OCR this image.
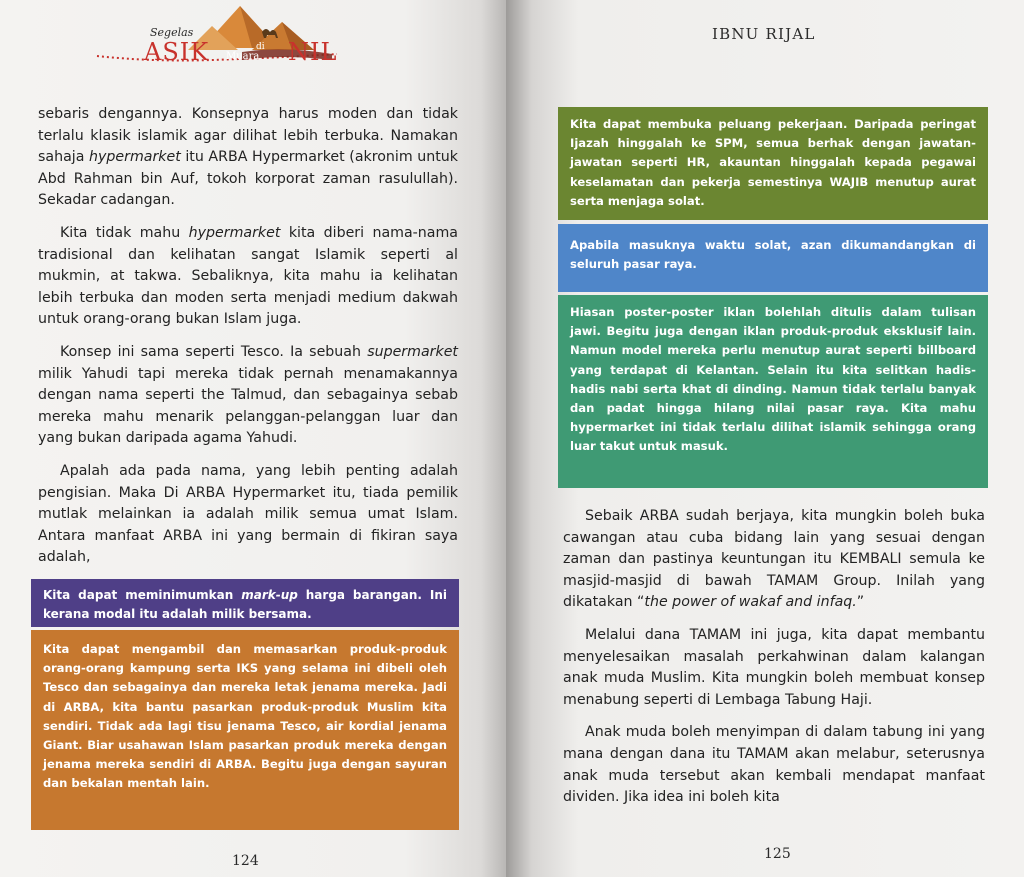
Segelas
ASIK	di
Muara NIL

sebaris dengannya. Konsepnya harus moden dan tidak terlalu klasik islamik agar dilihat lebih terbuka. Namakan sahaja hypermarket itu ARBA Hypermarket (akronim untuk Abd Rahman bin Auf, tokoh korporat zaman rasulullah). Sekadar cadangan.

Kita tidak mahu hypermarket kita diberi nama-nama tradisional dan kelihatan sangat Islamik seperti al mukmin, at takwa. Sebaliknya, kita mahu ia kelihatan lebih terbuka dan moden serta menjadi medium dakwah untuk orang-orang bukan Islam juga.

Konsep ini sama seperti Tesco. Ia sebuah supermarket milik Yahudi tapi mereka tidak pernah menamakannya dengan nama seperti the Talmud, dan sebagainya sebab mereka mahu menarik pelanggan-pelanggan luar dan yang bukan daripada agama Yahudi.

Apalah ada pada nama, yang lebih penting adalah pengisian. Maka Di ARBA Hypermarket itu, tiada pemilik mutlak melainkan ia adalah milik semua umat Islam. Antara manfaat ARBA ini yang bermain di fikiran saya adalah,

Kita dapat meminimumkan mark-up harga barangan. Ini kerana modal itu adalah milik bersama.
Kita dapat mengambil dan memasarkan produk-produk orang-orang kampung serta IKS yang selama ini dibeli oleh Tesco dan sebagainya dan mereka letak jenama mereka. Jadi di ARBA, kita bantu pasarkan produk-produk Muslim kita sendiri. Tidak ada lagi tisu jenama Tesco, air kordial jenama Giant. Biar usahawan Islam pasarkan produk mereka dengan jenama mereka sendiri di ARBA. Begitu juga dengan sayuran dan bekalan mentah lain.
124
IBNU RIJAL
Kita dapat membuka peluang pekerjaan. Daripada peringat Ijazah hinggalah ke SPM, semua berhak dengan jawatan-jawatan seperti HR, akauntan hinggalah kepada pegawai keselamatan dan pekerja semestinya WAJIB menutup aurat serta menjaga solat.
Apabila masuknya waktu solat, azan dikumandangkan di seluruh pasar raya.
Hiasan poster-poster iklan bolehlah ditulis dalam tulisan jawi. Begitu juga dengan iklan produk-produk eksklusif lain. Namun model mereka perlu menutup aurat seperti billboard yang terdapat di Kelantan. Selain itu kita selitkan hadis-hadis nabi serta khat di dinding. Namun tidak terlalu banyak dan padat hingga hilang nilai pasar raya. Kita mahu hypermarket ini tidak terlalu dilihat islamik sehingga orang luar takut untuk masuk.

Sebaik ARBA sudah berjaya, kita mungkin boleh buka cawangan atau cuba bidang lain yang sesuai dengan zaman dan pastinya keuntungan itu KEMBALI semula ke masjid-masjid di bawah TAMAM Group. Inilah yang dikatakan “the power of wakaf and infaq.”

Melalui dana TAMAM ini juga, kita dapat membantu menyelesaikan masalah perkahwinan dalam kalangan anak muda Muslim. Kita mungkin boleh membuat konsep menabung seperti di Lembaga Tabung Haji.

Anak muda boleh menyimpan di dalam tabung ini yang mana dengan dana itu TAMAM akan melabur, seterusnya anak muda tersebut akan kembali mendapat manfaat dividen. Jika idea ini boleh kita

125
